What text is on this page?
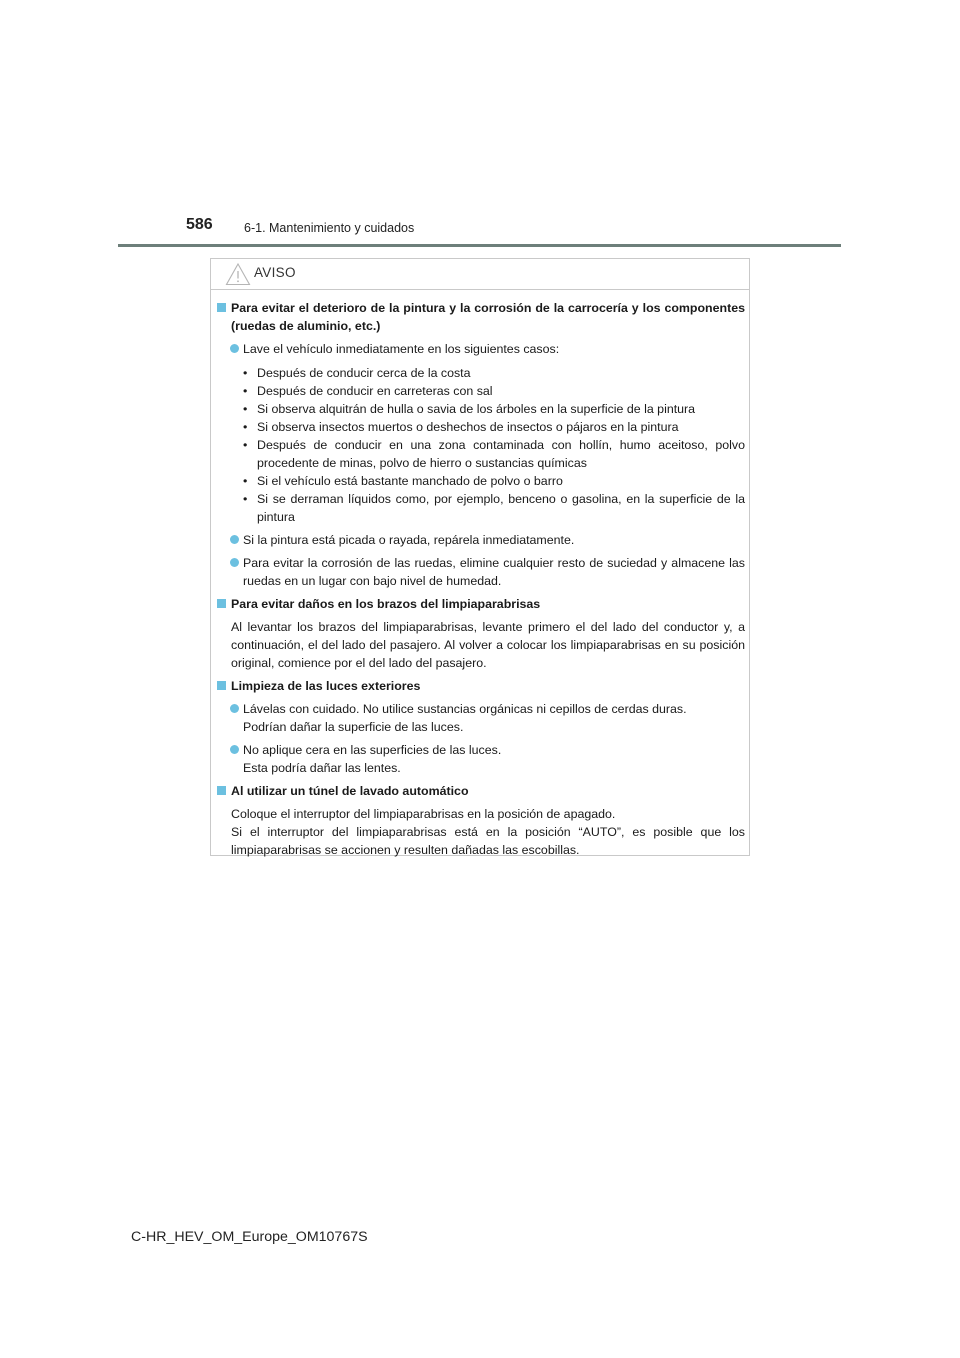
586	6-1. Mantenimiento y cuidados
AVISO
Para evitar el deterioro de la pintura y la corrosión de la carrocería y los componentes (ruedas de aluminio, etc.)
Lave el vehículo inmediatamente en los siguientes casos:
• Después de conducir cerca de la costa
• Después de conducir en carreteras con sal
• Si observa alquitrán de hulla o savia de los árboles en la superficie de la pintura
• Si observa insectos muertos o deshechos de insectos o pájaros en la pintura
• Después de conducir en una zona contaminada con hollín, humo aceitoso, polvo procedente de minas, polvo de hierro o sustancias químicas
• Si el vehículo está bastante manchado de polvo o barro
• Si se derraman líquidos como, por ejemplo, benceno o gasolina, en la superficie de la pintura
Si la pintura está picada o rayada, repárela inmediatamente.
Para evitar la corrosión de las ruedas, elimine cualquier resto de suciedad y almacene las ruedas en un lugar con bajo nivel de humedad.
Para evitar daños en los brazos del limpiaparabrisas
Al levantar los brazos del limpiaparabrisas, levante primero el del lado del conductor y, a continuación, el del lado del pasajero. Al volver a colocar los limpiaparabrisas en su posición original, comience por el del lado del pasajero.
Limpieza de las luces exteriores
Lávelas con cuidado. No utilice sustancias orgánicas ni cepillos de cerdas duras.
Podrían dañar la superficie de las luces.
No aplique cera en las superficies de las luces.
Esta podría dañar las lentes.
Al utilizar un túnel de lavado automático
Coloque el interruptor del limpiaparabrisas en la posición de apagado.
Si el interruptor del limpiaparabrisas está en la posición “AUTO”, es posible que los limpiaparabrisas se accionen y resulten dañadas las escobillas.
C-HR_HEV_OM_Europe_OM10767S
